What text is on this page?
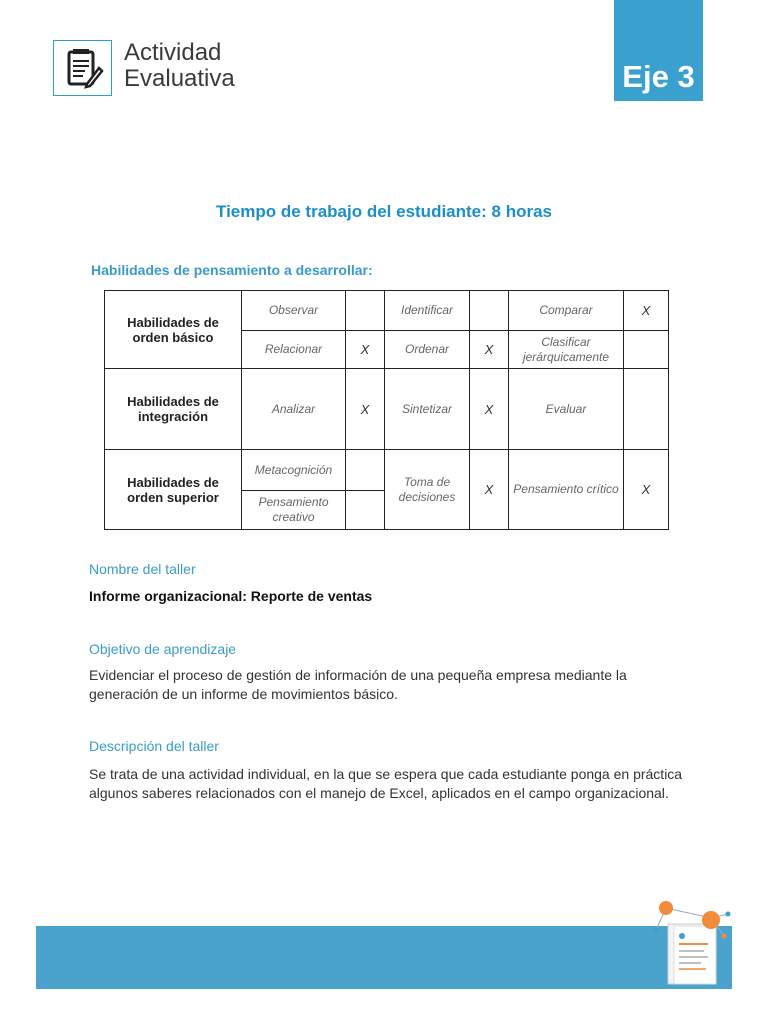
Actividad
Evaluativa	Eje 3
Tiempo de trabajo del estudiante: 8 horas
Habilidades de pensamiento a desarrollar:
Habilidades de orden básico	Observar		Identificar		Comparar	X
	Relacionar	X	Ordenar	X	Clasificar jerárquicamente	
Habilidades de integración	Analizar	X	Sintetizar	X	Evaluar	
Habilidades de orden superior	Metacognición		Toma de decisiones	X	Pensamiento crítico	X
	Pensamiento creativo					
Nombre del taller
Informe organizacional: Reporte de ventas
Objetivo de aprendizaje
Evidenciar el proceso de gestión de información de una pequeña empresa mediante la generación de un informe de movimientos básico.
Descripción del taller
Se trata de una actividad individual, en la que se espera que cada estudiante ponga en práctica algunos saberes relacionados con el manejo de Excel, aplicados en el campo organizacional.
